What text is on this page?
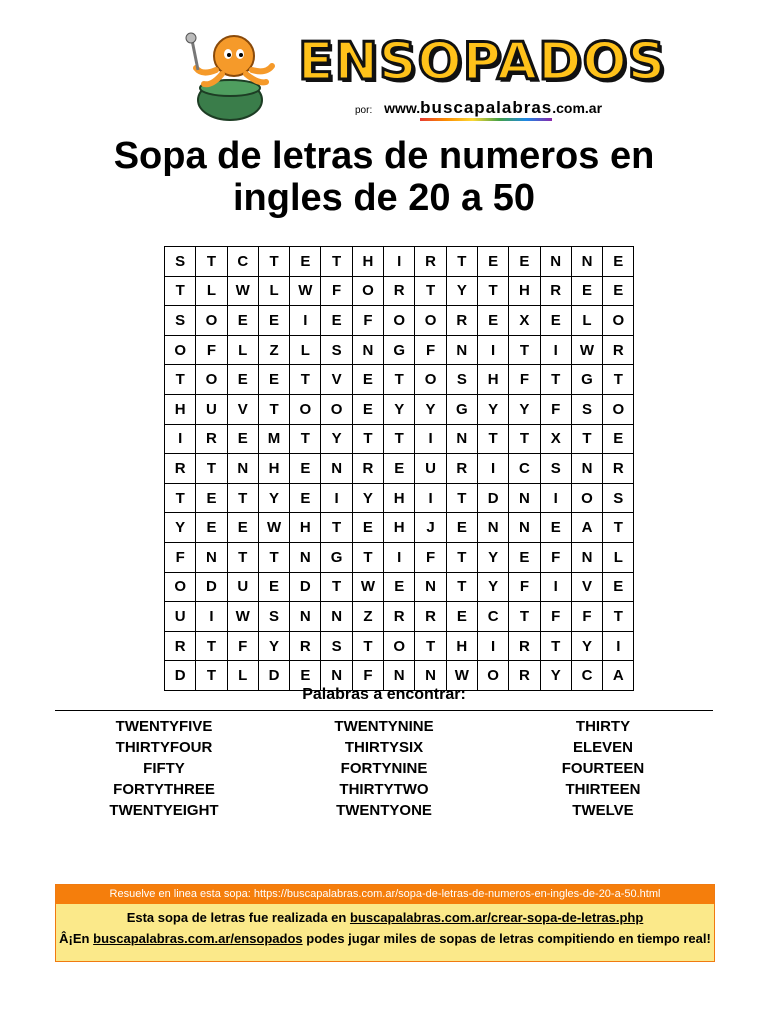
ENSOPADOS
por: www.buscapalabras.com.ar
Sopa de letras de numeros en
ingles de 20 a 50
S	T	C	T	E	T	H	I	R	T	E	E	N	N	E
T	L	W	L	W	F	O	R	T	Y	T	H	R	E	E
S	O	E	E	I	E	F	O	O	R	E	X	E	L	O
O	F	L	Z	L	S	N	G	F	N	I	T	I	W	R
T	O	E	E	T	V	E	T	O	S	H	F	T	G	T
H	U	V	T	O	O	E	Y	Y	G	Y	Y	F	S	O
I	R	E	M	T	Y	T	T	I	N	T	T	X	T	E
R	T	N	H	E	N	R	E	U	R	I	C	S	N	R
T	E	T	Y	E	I	Y	H	I	T	D	N	I	O	S
Y	E	E	W	H	T	E	H	J	E	N	N	E	A	T
F	N	T	T	N	G	T	I	F	T	Y	E	F	N	L
O	D	U	E	D	T	W	E	N	T	Y	F	I	V	E
U	I	W	S	N	N	Z	R	R	E	C	T	F	F	T
R	T	F	Y	R	S	T	O	T	H	I	R	T	Y	I
D	T	L	D	E	N	F	N	N	W	O	R	Y	C	A
Palabras a encontrar:
TWENTYFIVE
THIRTYFOUR
FIFTY
FORTYTHREE
TWENTYEIGHT
TWENTYNINE
THIRTYSIX
FORTYNINE
THIRTYTWO
TWENTYONE
THIRTY
ELEVEN
FOURTEEN
THIRTEEN
TWELVE
Resuelve en linea esta sopa: https://buscapalabras.com.ar/sopa-de-letras-de-numeros-en-ingles-de-20-a-50.html
Esta sopa de letras fue realizada en buscapalabras.com.ar/crear-sopa-de-letras.php
Â¡En buscapalabras.com.ar/ensopados podes jugar miles de sopas de letras compitiendo en tiempo real!
